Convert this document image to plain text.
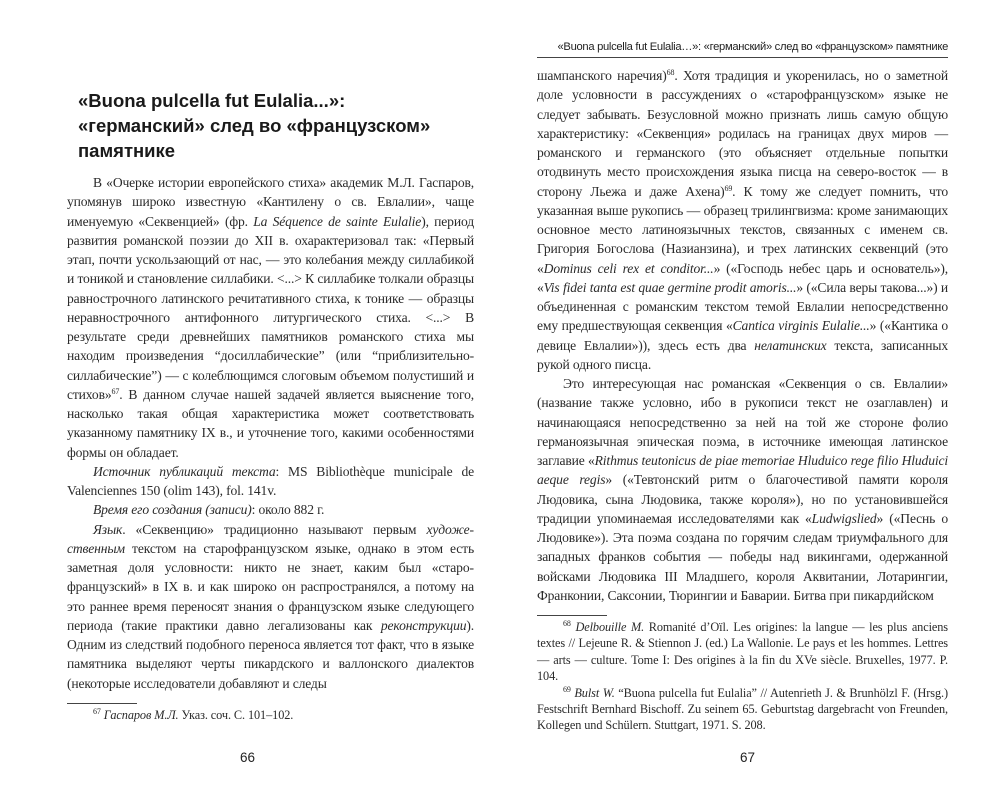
«Buona pulcella fut Eulalia...»:
«германский» след во «французском»
памятнике

В «Очерке истории европейского стиха» академик М.Л. Гаспаров, упомянув широко известную «Кантилену о св. Евлалии», чаще именуемую «Секвенцией» (фр. La Séquence de sainte Eulalie), период развития романской поэзии до XII в. охарактеризовал так: «Первый этап, почти ускользающий от нас, — это колебания между силлабикой и тоникой и становление силлабики. <...> К силлабике толкали образцы равнострочного латинского речитативного стиха, к тонике — образцы неравнострочного антифонного литургического стиха. <...> В результате среди древнейших памятников романского стиха мы находим произведения “досиллабические” (или “приблизительно-силлабические”) — с колеблющимся слоговым объемом полустиший и стихов»$^{67}$. В данном случае нашей задачей является выяснение того, насколько такая общая характеристика может соответствовать указанному памятнику IX в., и уточнение того, какими особенностями формы он обладает.

Источник публикаций текста: MS Bibliothèque municipale de Valenciennes 150 (olim 143), fol. 141v.

Время его создания (записи): около 882 г.

Язык. «Секвенцию» традиционно называют первым художественным текстом на старофранцузском языке, однако в этом есть заметная доля условности: никто не знает, каким был «старофранцузский» в IX в. и как широко он распространялся, а потому на это раннее время переносят знания о французском языке следующего периода (такие практики давно легализованы как реконструкции). Одним из следствий подобного переноса является тот факт, что в языке памятника выделяют черты пикардского и валлонского диалектов (некоторые исследователи добавляют и следы

$^{67}$ Гаспаров М.Л. Указ. соч. С. 101–102.

66
«Buona pulcella fut Eulalia…»: «германский» след во «французском» памятнике

шампанского наречия)$^{68}$. Хотя традиция и укоренилась, но о заметной доле условности в рассуждениях о «старофранцузском» языке не следует забывать. Безусловной можно признать лишь самую общую характеристику: «Секвенция» родилась на границах двух миров — романского и германского (это объясняет отдельные попытки отодвинуть место происхождения языка писца на северо-восток — в сторону Льежа и даже Ахена)$^{69}$. К тому же следует помнить, что указанная выше рукопись — образец трилингвизма: кроме занимающих основное место латиноязычных текстов, связанных с именем св. Григория Богослова (Назианзина), и трех латинских секвенций (это «Dominus celi rex et conditor...» («Господь небес царь и основатель»), «Vis fidei tanta est quae germine prodit amoris...» («Сила веры такова...») и объединенная с романским текстом темой Евлалии непосредственно ему предшествующая секвенция «Cantica virginis Eulalie...» («Кантика о девице Евлалии»)), здесь есть два нелатинских текста, записанных рукой одного писца.

Это интересующая нас романская «Секвенция о св. Евлалии» (название также условно, ибо в рукописи текст не озаглавлен) и начинающаяся непосредственно за ней на той же стороне фолио германоязычная эпическая поэма, в источнике имеющая латинское заглавие «Rithmus teutonicus de piae memoriae Hluduico rege filio Hluduici aeque regis» («Тевтонский ритм о благочестивой памяти короля Людовика, сына Людовика, также короля»), но по установившейся традиции упоминаемая исследователями как «Ludwigslied» («Песнь о Людовике»). Эта поэма создана по горячим следам триумфального для западных франков события — победы над викингами, одержанной войсками Людовика III Младшего, короля Аквитании, Лотарингии, Франконии, Саксонии, Тюрингии и Баварии. Битва при пикардийском

$^{68}$ Delbouille M. Romanité d’Oïl. Les origines: la langue — les plus anciens textes // Lejeune R. & Stiennon J. (ed.) La Wallonie. Le pays et les hommes. Lettres — arts — culture. Tome I: Des origines à la fin du XVe siècle. Bruxelles, 1977. P. 104.

$^{69}$ Bulst W. “Buona pulcella fut Eulalia” // Autenrieth J. & Brunhölzl F. (Hrsg.) Festschrift Bernhard Bischoff. Zu seinem 65. Geburtstag dargebracht von Freunden, Kollegen und Schülern. Stuttgart, 1971. S. 208.

67
